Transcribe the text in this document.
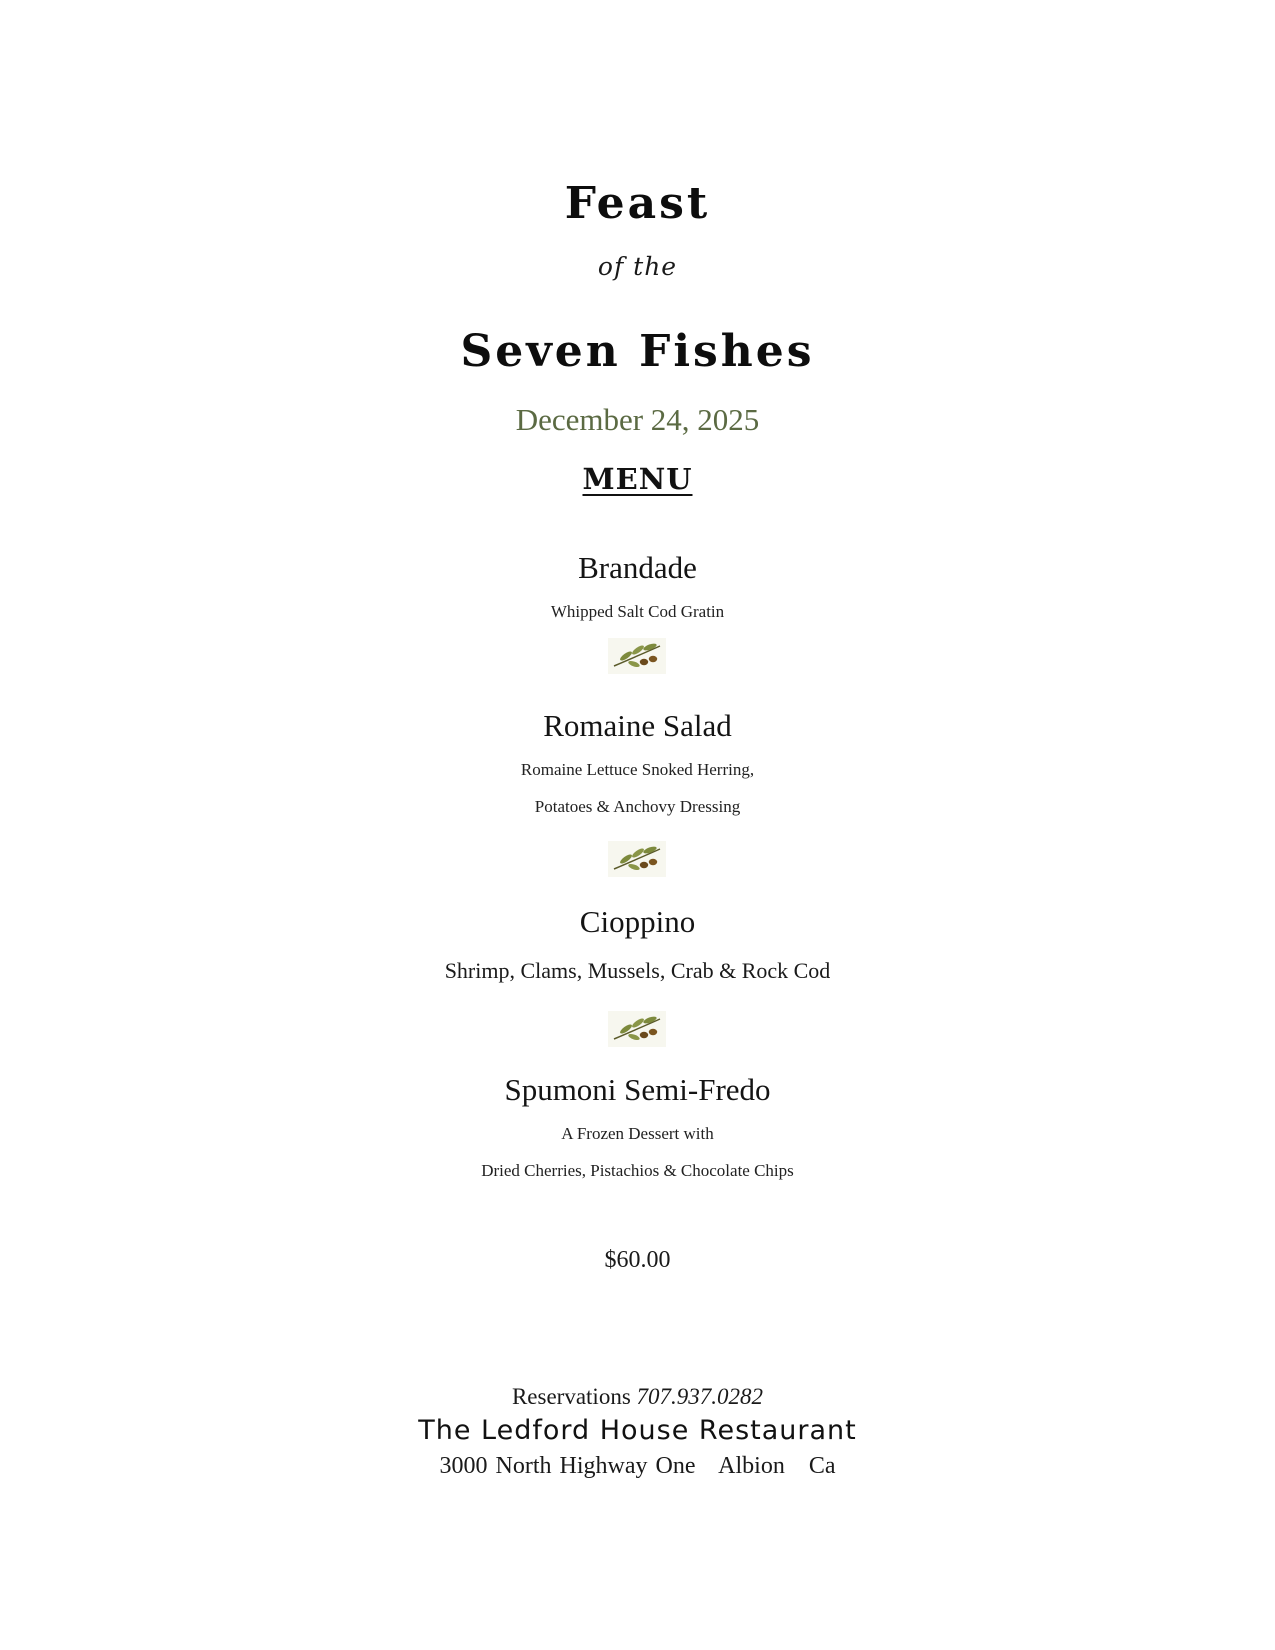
Feast
of the
Seven Fishes
December 24, 2025
MENU
Brandade
Whipped Salt Cod Gratin
Romaine Salad
Romaine Lettuce Snoked Herring,
Potatoes & Anchovy Dressing
Cioppino
Shrimp, Clams, Mussels, Crab & Rock Cod
Spumoni Semi-Fredo
A Frozen Dessert with
Dried Cherries, Pistachios & Chocolate Chips
$60.00
Reservations 707.937.0282
The Ledford House Restaurant
3000 North Highway One   Albion   Ca
